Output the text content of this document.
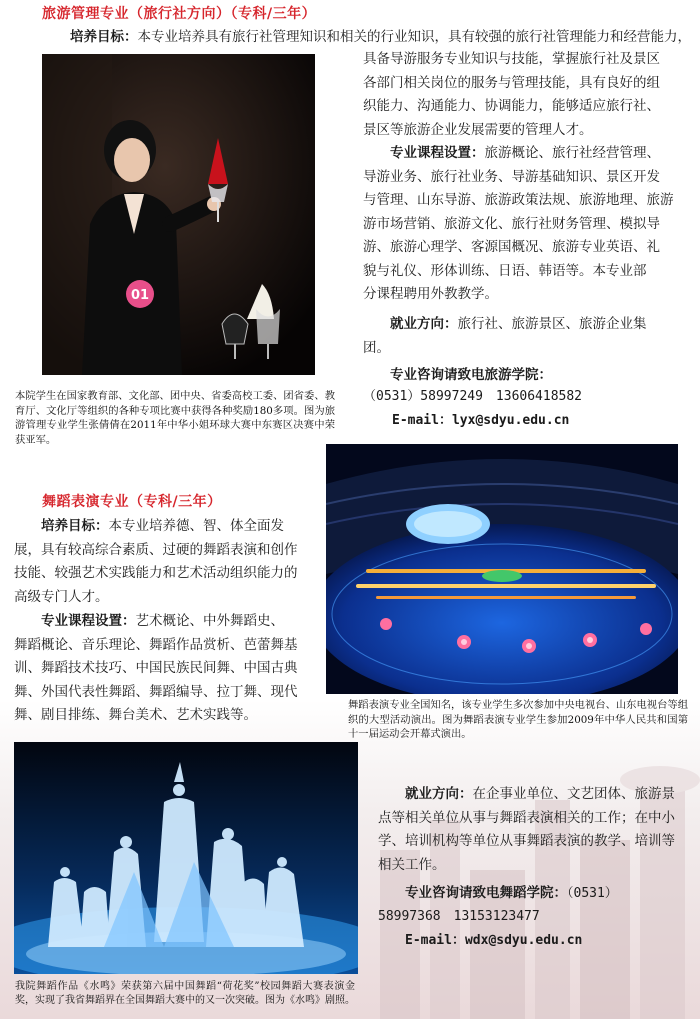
旅游管理专业（旅行社方向）（专科/三年）
培养目标：本专业培养具有旅行社管理知识和相关的行业知识，具有较强的旅行社管理能力和经营能力，
具备导游服务专业知识与技能，掌握旅行社及景区
各部门相关岗位的服务与管理技能，具有良好的组
织能力、沟通能力、协调能力，能够适应旅行社、
景区等旅游企业发展需要的管理人才。
专业课程设置：旅游概论、旅行社经营管理、
导游业务、旅行社业务、导游基础知识、景区开发
与管理、山东导游、旅游政策法规、旅游地理、旅游
游市场营销、旅游文化、旅行社财务管理、模拟导
游、旅游心理学、客源国概况、旅游专业英语、礼
貌与礼仪、形体训练、日语、韩语等。本专业部
分课程聘用外教教学。
就业方向：旅行社、旅游景区、旅游企业集
团。
专业咨询请致电旅游学院：
（0531）58997249　13606418582
E-mail：lyx@sdyu.edu.cn
01
本院学生在国家教育部、文化部、团中央、省委高校工委、团省委、教育厅、文化厅等组织的各种专项比赛中获得各种奖励180多项。图为旅游管理专业学生张倩倩在2011年中华小姐环球大赛中东赛区决赛中荣获亚军。
舞蹈表演专业（专科/三年）
培养目标：本专业培养德、智、体全面发
展，具有较高综合素质、过硬的舞蹈表演和创作
技能、较强艺术实践能力和艺术活动组织能力的
高级专门人才。
专业课程设置：艺术概论、中外舞蹈史、
舞蹈概论、音乐理论、舞蹈作品赏析、芭蕾舞基
训、舞蹈技术技巧、中国民族民间舞、中国古典
舞、外国代表性舞蹈、舞蹈编导、拉丁舞、现代
舞、剧目排练、舞台美术、艺术实践等。
舞蹈表演专业全国知名，该专业学生多次参加中央电视台、山东电视台等组织的大型活动演出。图为舞蹈表演专业学生参加2009年中华人民共和国第十一届运动会开幕式演出。
我院舞蹈作品《水鸣》荣获第六届中国舞蹈“荷花奖”校园舞蹈大赛表演金奖，实现了我省舞蹈界在全国舞蹈大赛中的又一次突破。图为《水鸣》剧照。
就业方向：在企事业单位、文艺团体、旅游景
点等相关单位从事与舞蹈表演相关的工作；在中小
学、培训机构等单位从事舞蹈表演的教学、培训等
相关工作。
专业咨询请致电舞蹈学院：（0531）
58997368　13153123477
E-mail：wdx@sdyu.edu.cn
